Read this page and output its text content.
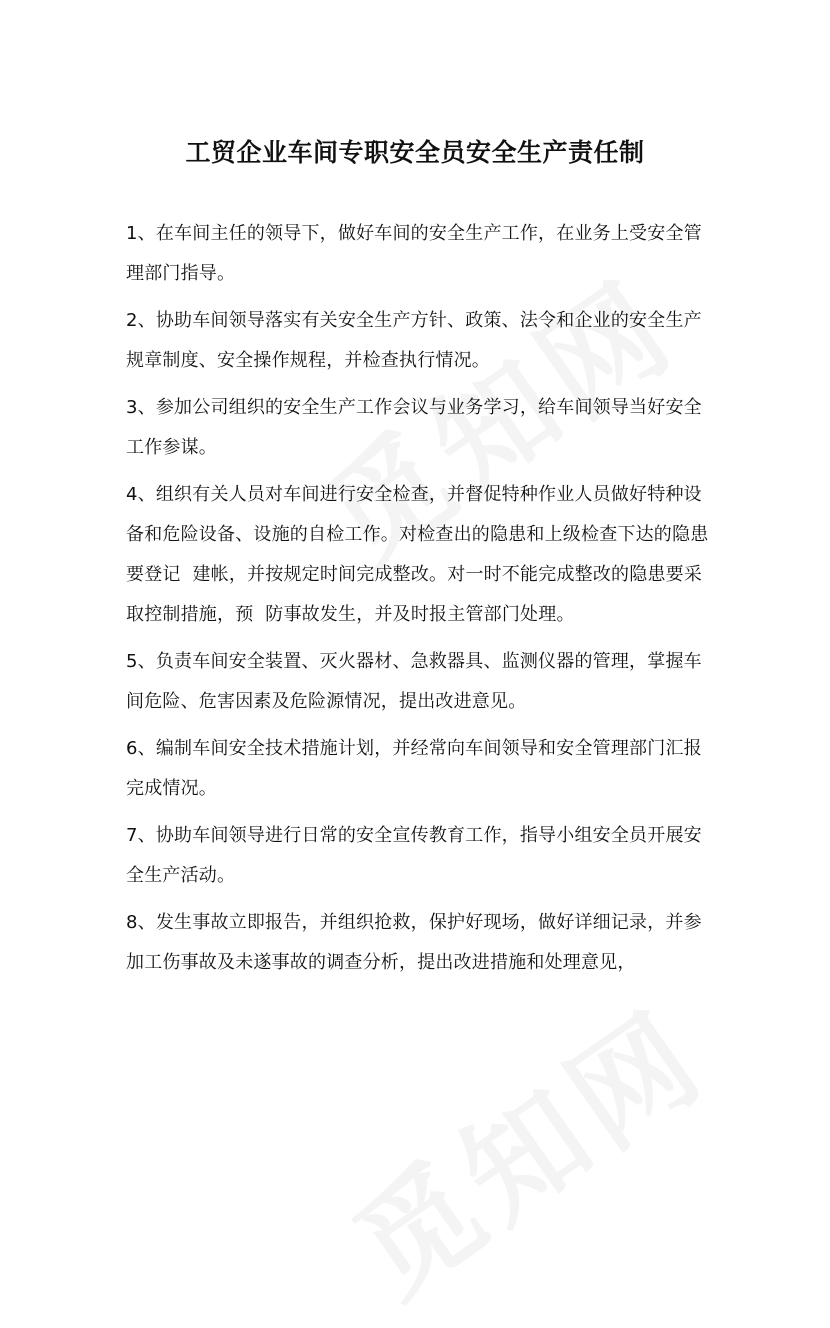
工贸企业车间专职安全员安全生产责任制

1、在车间主任的领导下，做好车间的安全生产工作，在业务上受安全管  理部门指导。

2、协助车间领导落实有关安全生产方针、政策、法令和企业的安全生产  规章制度、安全操作规程，并检查执行情况。

3、参加公司组织的安全生产工作会议与业务学习，给车间领导当好安全  工作参谋。

4、组织有关人员对车间进行安全检查，并督促特种作业人员做好特种设  备和危险设备、设施的自检工作。对检查出的隐患和上级检查下达的隐患要登记  建帐，并按规定时间完成整改。对一时不能完成整改的隐患要采取控制措施，预  防事故发生，并及时报主管部门处理。

5、负责车间安全装置、灭火器材、急救器具、监测仪器的管理，掌握车  间危险、危害因素及危险源情况，提出改进意见。

6、编制车间安全技术措施计划，并经常向车间领导和安全管理部门汇报  完成情况。

7、协助车间领导进行日常的安全宣传教育工作，指导小组安全员开展安  全生产活动。

8、发生事故立即报告，并组织抢救，保护好现场，做好详细记录，并参  加工伤事故及未遂事故的调查分析，提出改进措施和处理意见，
